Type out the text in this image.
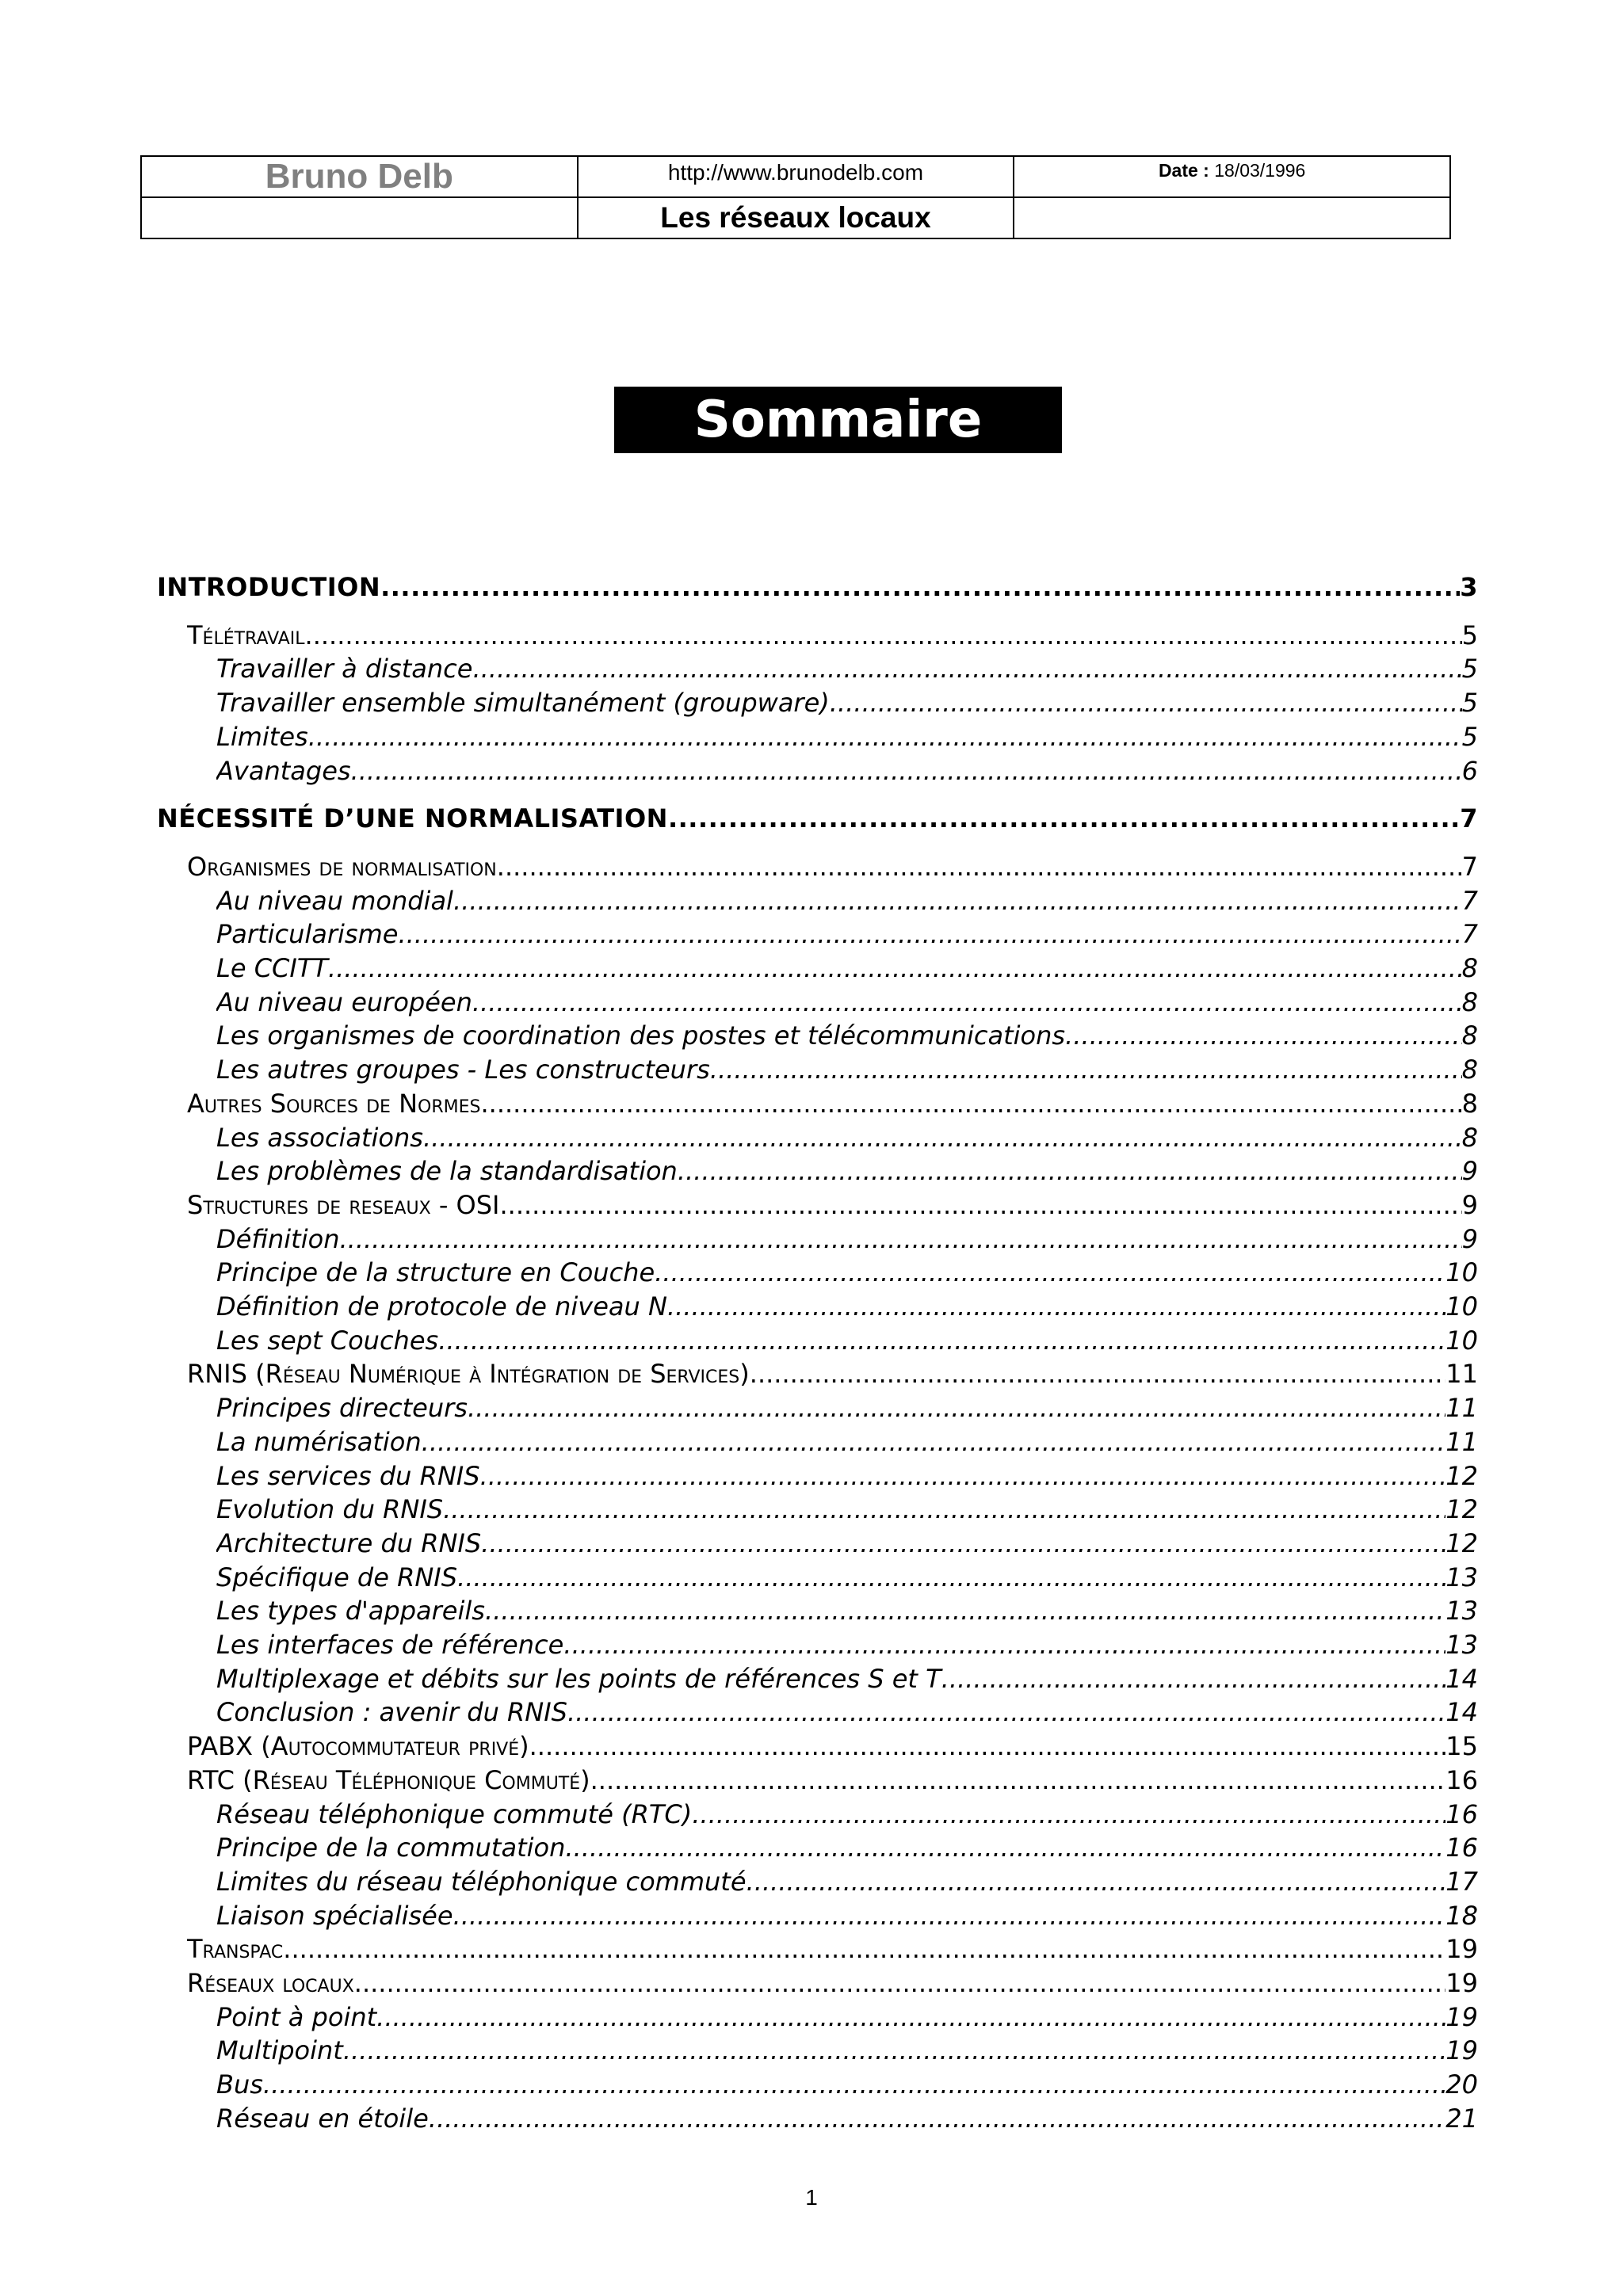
Bruno Delb	http://www.brunodelb.com	Date : 18/03/1996
	Les réseaux locaux	
Sommaire
INTRODUCTION .....	3
Télétravail .....	5
Travailler à distance .....	5
Travailler ensemble simultanément (groupware) .....	5
Limites .....	5
Avantages .....	6
NÉCESSITÉ D’UNE NORMALISATION .....	7
Organismes de normalisation .....	7
Au niveau mondial .....	7
Particularisme .....	7
Le CCITT .....	8
Au niveau européen .....	8
Les organismes de coordination des postes et télécommunications .....	8
Les autres groupes - Les constructeurs .....	8
Autres Sources de Normes .....	8
Les associations .....	8
Les problèmes de la standardisation .....	9
Structures de reseaux - OSI .....	9
Définition .....	9
Principe de la structure en Couche .....	10
Définition de protocole de niveau N .....	10
Les sept Couches .....	10
RNIS (Réseau Numérique à Intégration de Services) .....	11
Principes directeurs .....	11
La numérisation .....	11
Les services du RNIS .....	12
Evolution du RNIS .....	12
Architecture du RNIS .....	12
Spécifique de RNIS .....	13
Les types d'appareils .....	13
Les interfaces de référence .....	13
Multiplexage et débits sur les points de références S et T .....	14
Conclusion : avenir du RNIS .....	14
PABX (Autocommutateur privé) .....	15
RTC (Réseau Téléphonique Commuté) .....	16
Réseau téléphonique commuté (RTC) .....	16
Principe de la commutation .....	16
Limites du réseau téléphonique commuté .....	17
Liaison spécialisée .....	18
Transpac .....	19
Réseaux locaux .....	19
Point à point .....	19
Multipoint .....	19
Bus .....	20
Réseau en étoile .....	21
1
